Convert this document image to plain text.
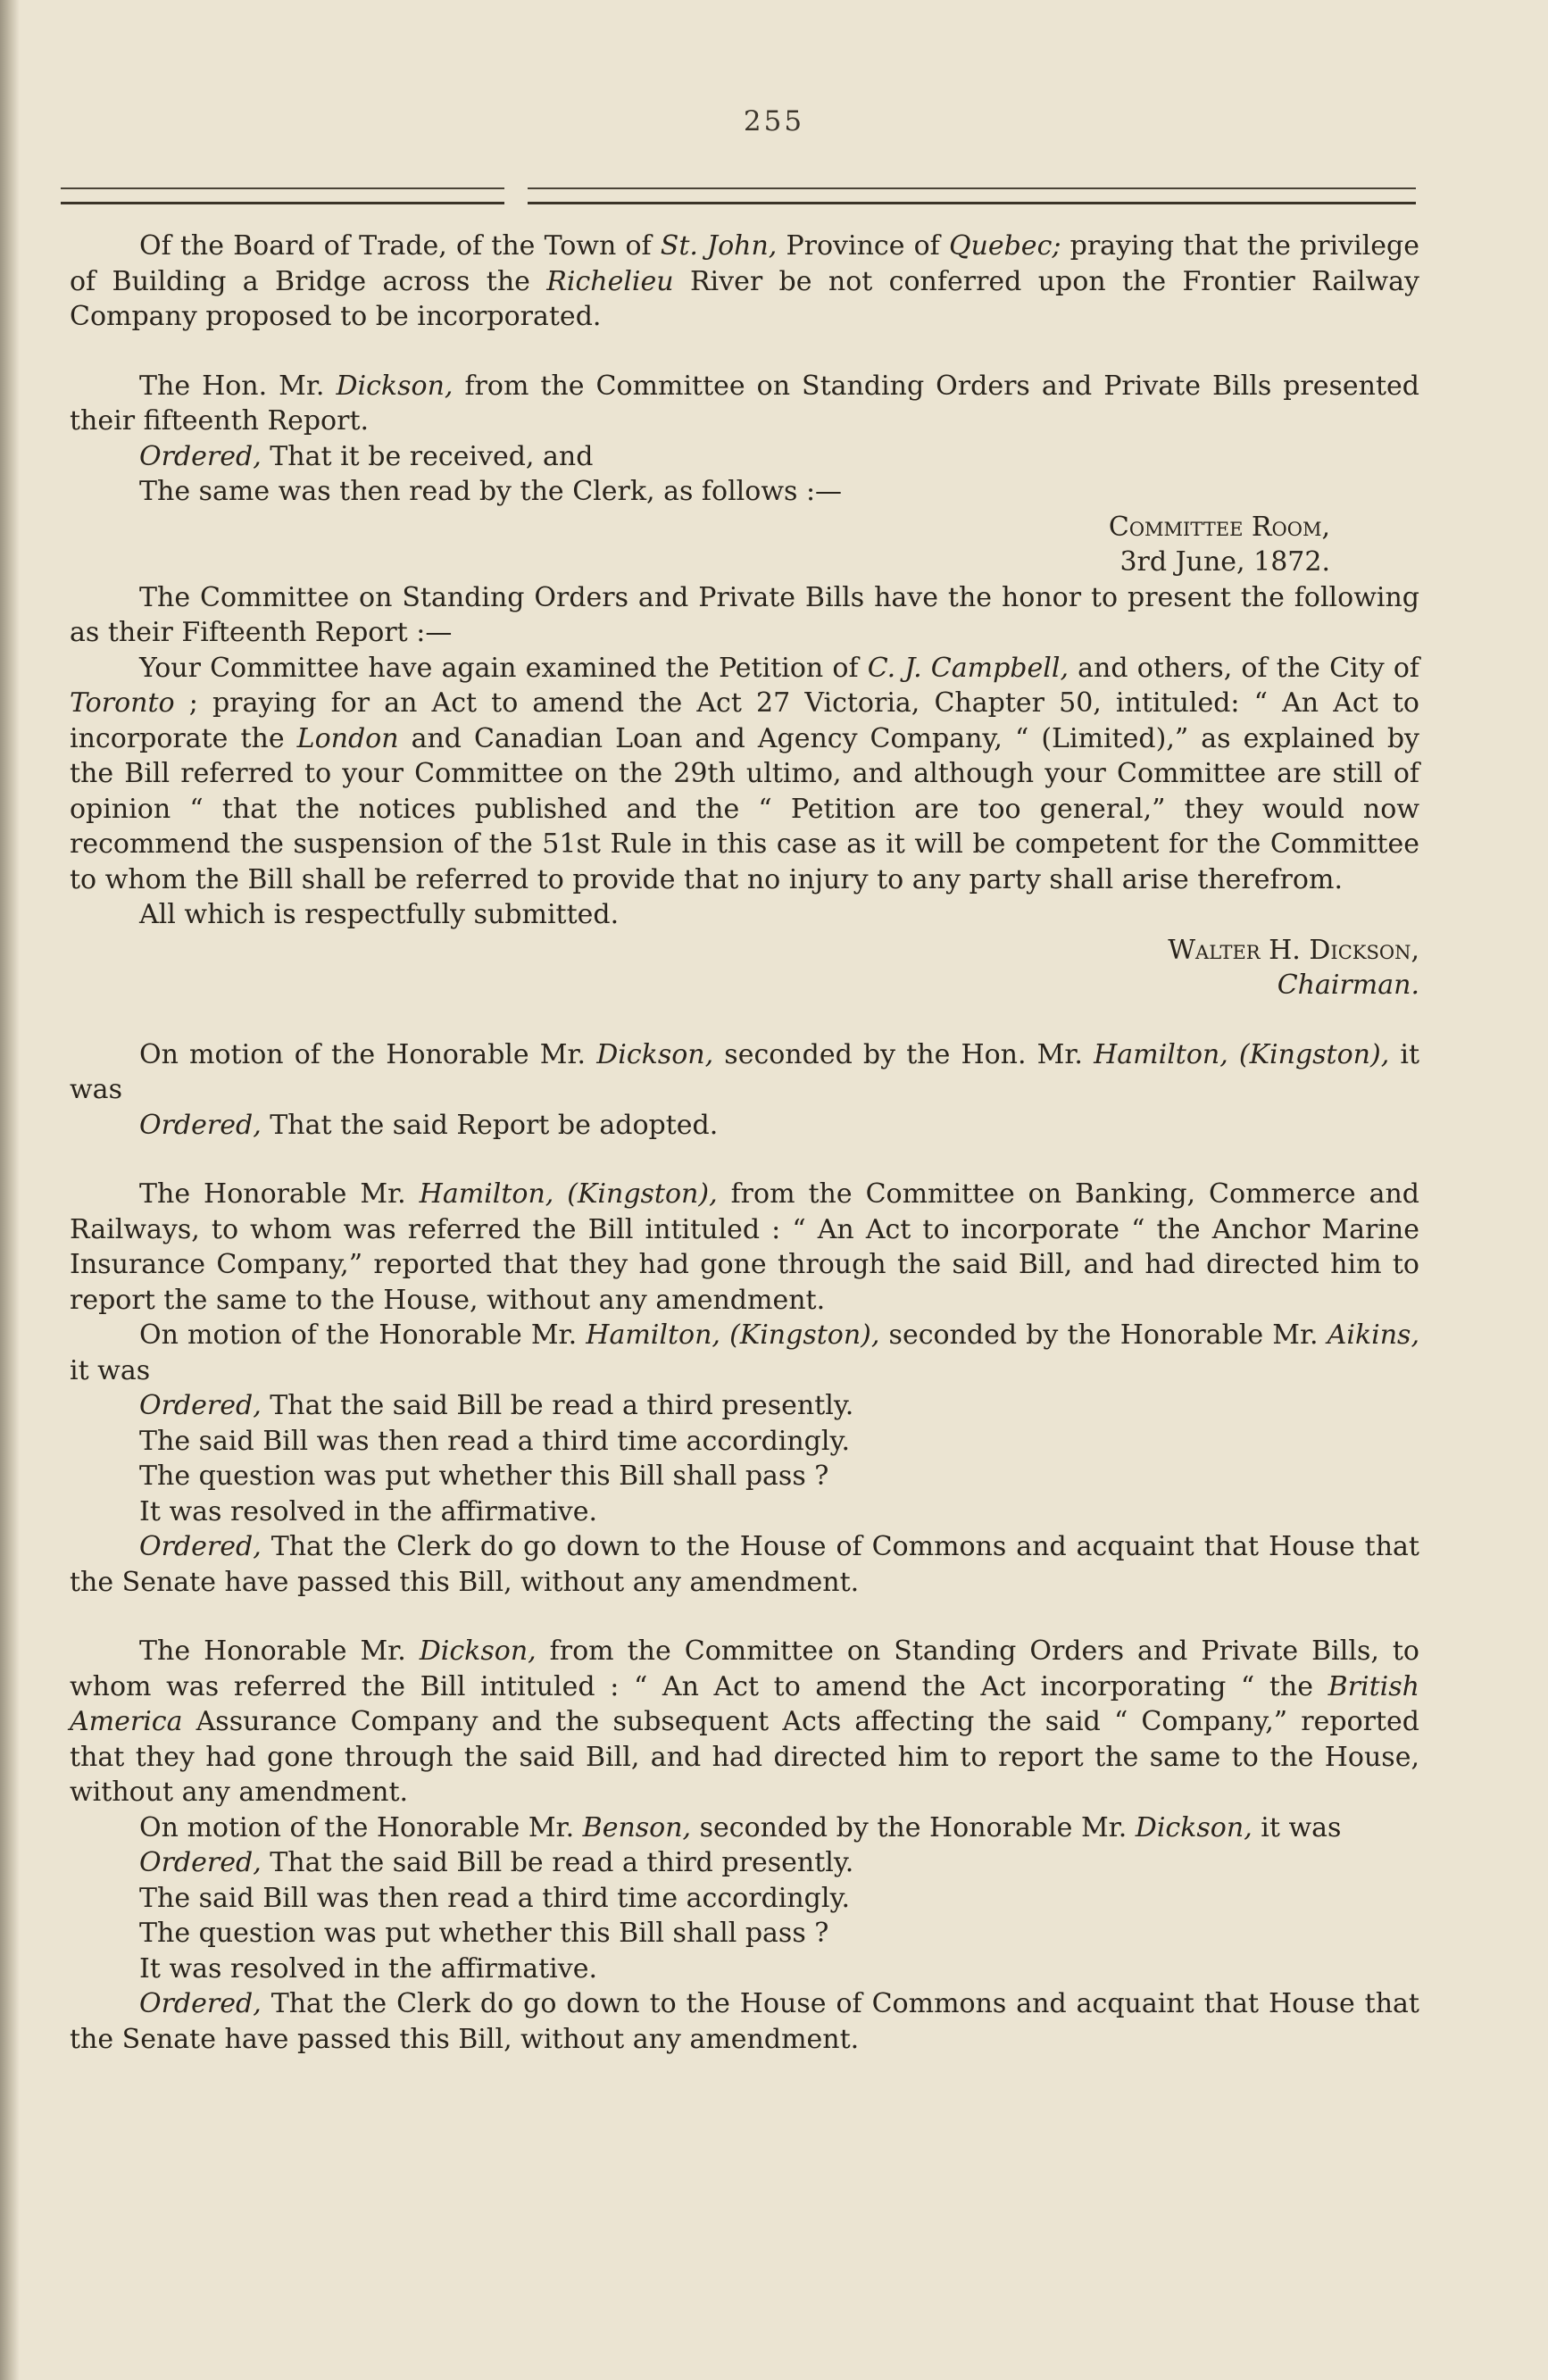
255

Of the Board of Trade, of the Town of St. John, Province of Quebec; praying that the privilege of Building a Bridge across the Richelieu River be not conferred upon the Frontier Railway Company proposed to be incorporated.

The Hon. Mr. Dickson, from the Committee on Standing Orders and Private Bills presented their fifteenth Report.

Ordered, That it be received, and

The same was then read by the Clerk, as follows :—

Committee Room,
3rd June, 1872.

The Committee on Standing Orders and Private Bills have the honor to present the following as their Fifteenth Report :—

Your Committee have again examined the Petition of C. J. Campbell, and others, of the City of Toronto ; praying for an Act to amend the Act 27 Victoria, Chapter 50, intituled: “ An Act to incorporate the London and Canadian Loan and Agency Company, “ (Limited),” as explained by the Bill referred to your Committee on the 29th ultimo, and although your Committee are still of opinion “ that the notices published and the “ Petition are too general,” they would now recommend the suspension of the 51st Rule in this case as it will be competent for the Committee to whom the Bill shall be referred to provide that no injury to any party shall arise therefrom.

All which is respectfully submitted.

Walter H. Dickson,
Chairman.

On motion of the Honorable Mr. Dickson, seconded by the Hon. Mr. Hamilton, (Kingston), it was

Ordered, That the said Report be adopted.

The Honorable Mr. Hamilton, (Kingston), from the Committee on Banking, Commerce and Railways, to whom was referred the Bill intituled : “ An Act to incorporate “ the Anchor Marine Insurance Company,” reported that they had gone through the said Bill, and had directed him to report the same to the House, without any amendment.

On motion of the Honorable Mr. Hamilton, (Kingston), seconded by the Honorable Mr. Aikins, it was

Ordered, That the said Bill be read a third presently.

The said Bill was then read a third time accordingly.

The question was put whether this Bill shall pass ?

It was resolved in the affirmative.

Ordered, That the Clerk do go down to the House of Commons and acquaint that House that the Senate have passed this Bill, without any amendment.

The Honorable Mr. Dickson, from the Committee on Standing Orders and Private Bills, to whom was referred the Bill intituled : “ An Act to amend the Act incorporating “ the British America Assurance Company and the subsequent Acts affecting the said “ Company,” reported that they had gone through the said Bill, and had directed him to report the same to the House, without any amendment.

On motion of the Honorable Mr. Benson, seconded by the Honorable Mr. Dickson, it was

Ordered, That the said Bill be read a third presently.

The said Bill was then read a third time accordingly.

The question was put whether this Bill shall pass ?

It was resolved in the affirmative.

Ordered, That the Clerk do go down to the House of Commons and acquaint that House that the Senate have passed this Bill, without any amendment.
